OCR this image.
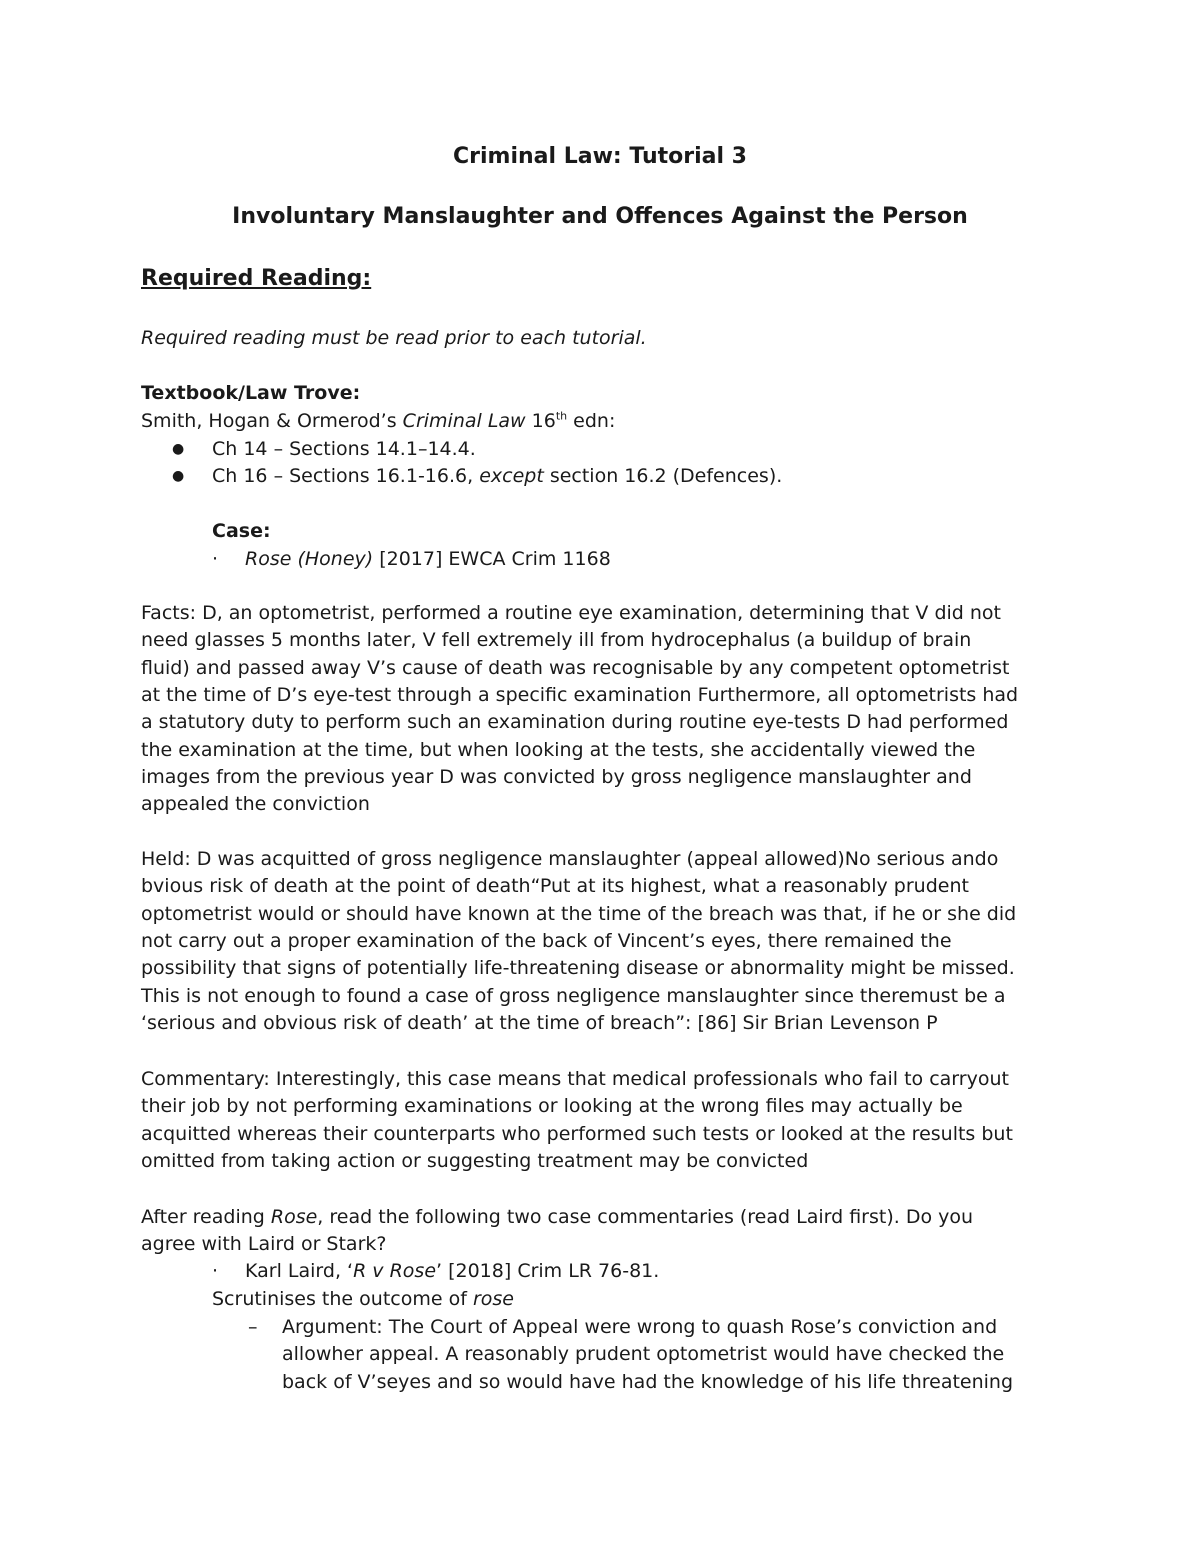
Criminal Law: Tutorial 3
Involuntary Manslaughter and Offences Against the Person
Required Reading:
Required reading must be read prior to each tutorial.
Textbook/Law Trove:
Smith, Hogan & Ormerod’s Criminal Law 16th edn:
● Ch 14 – Sections 14.1–14.4.
● Ch 16 – Sections 16.1-16.6, except section 16.2 (Defences).
Case:
· Rose (Honey) [2017] EWCA Crim 1168
Facts: D, an optometrist, performed a routine eye examination, determining that V did not
need glasses 5 months later, V fell extremely ill from hydrocephalus (a buildup of brain
fluid) and passed away V’s cause of death was recognisable by any competent optometrist
at the time of D’s eye-test through a specific examination Furthermore, all optometrists had
a statutory duty to perform such an examination during routine eye-tests D had performed
the examination at the time, but when looking at the tests, she accidentally viewed the
images from the previous year D was convicted by gross negligence manslaughter and
appealed the conviction
Held: D was acquitted of gross negligence manslaughter (appeal allowed)No serious ando
bvious risk of death at the point of death“Put at its highest, what a reasonably prudent
optometrist would or should have known at the time of the breach was that, if he or she did
not carry out a proper examination of the back of Vincent’s eyes, there remained the
possibility that signs of potentially life-threatening disease or abnormality might be missed.
This is not enough to found a case of gross negligence manslaughter since theremust be a
‘serious and obvious risk of death’ at the time of breach”: [86] Sir Brian Levenson P
Commentary: Interestingly, this case means that medical professionals who fail to carryout
their job by not performing examinations or looking at the wrong files may actually be
acquitted whereas their counterparts who performed such tests or looked at the results but
omitted from taking action or suggesting treatment may be convicted
After reading Rose, read the following two case commentaries (read Laird first). Do you
agree with Laird or Stark?
· Karl Laird, ‘R v Rose’ [2018] Crim LR 76-81.
Scrutinises the outcome of rose
– Argument: The Court of Appeal were wrong to quash Rose’s conviction and
allowher appeal. A reasonably prudent optometrist would have checked the
back of V’seyes and so would have had the knowledge of his life threatening
